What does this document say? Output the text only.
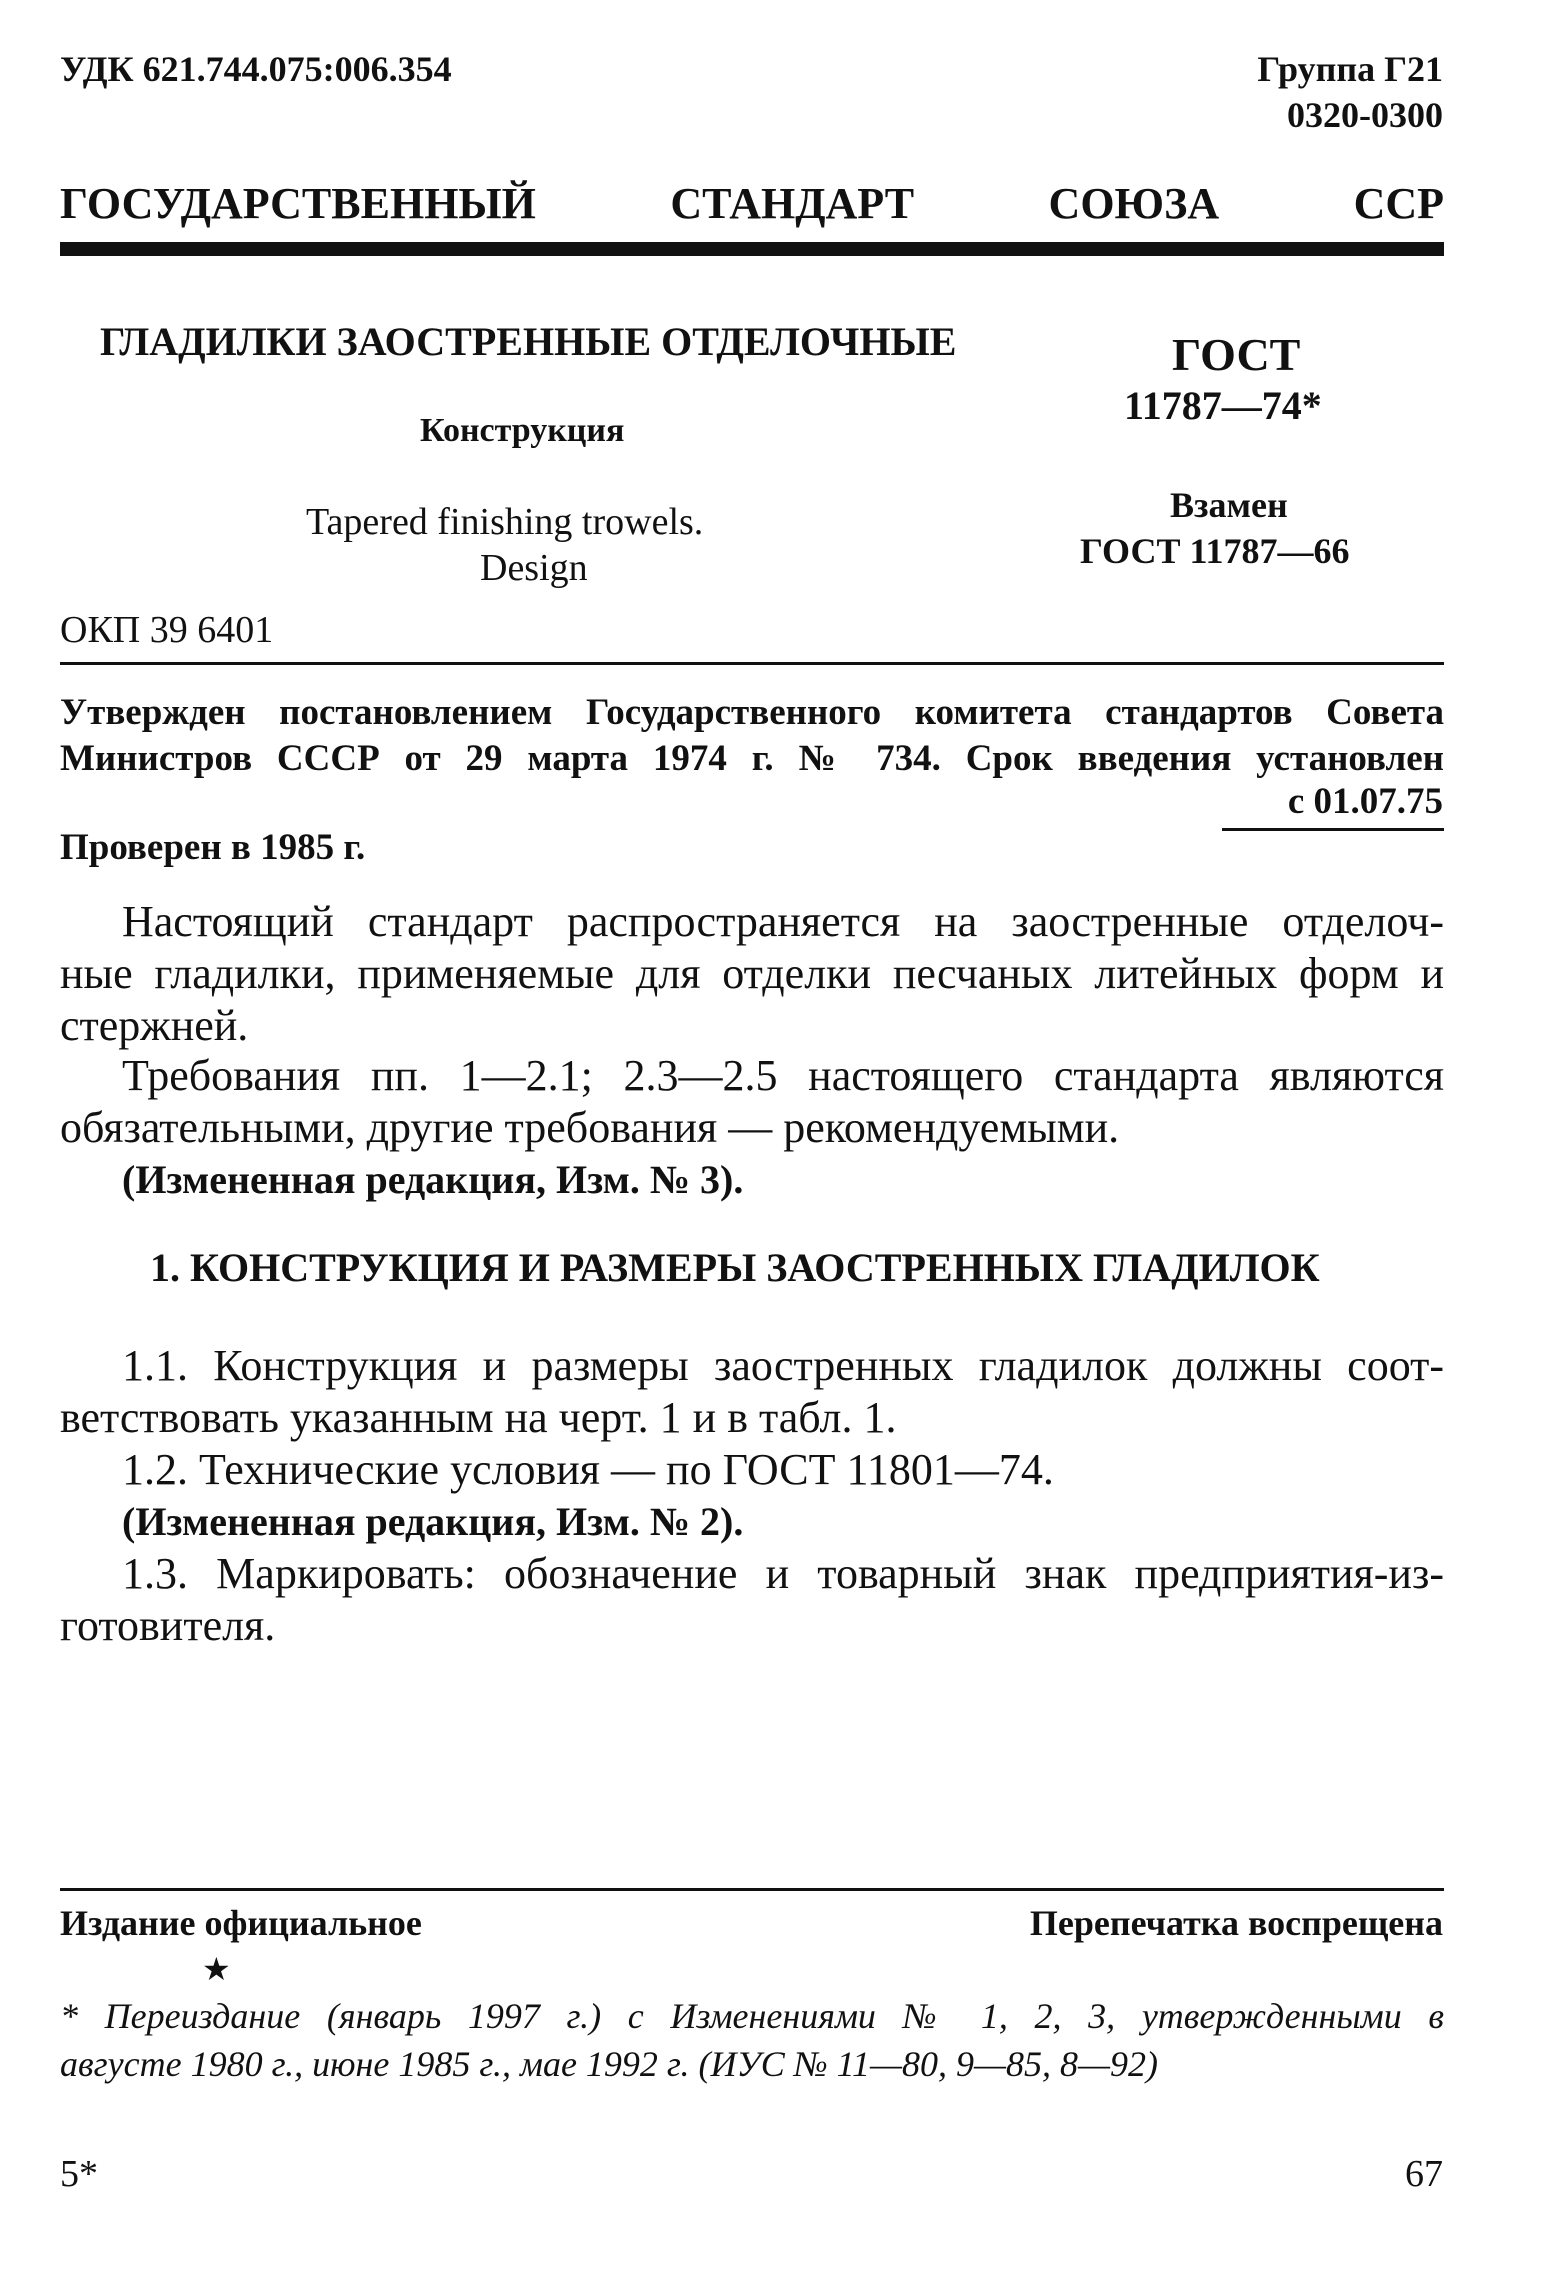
УДК 621.744.075:006.354	Группа Г21

0320-0300

ГОСУДАРСТВЕННЫЙ СТАНДАРТ СОЮЗА ССР

ГЛАДИЛКИ ЗАОСТРЕННЫЕ ОТДЕЛОЧНЫЕ

Конструкция

Tapered finishing trowels.

Design

ОКП 39 6401

ГОСТ

11787—74*

Взамен

ГОСТ 11787—66

Утвержден постановлением Государственного комитета стандартов Совета
Министров СССР от 29 марта 1974 г. № 734. Срок введения установлен

с 01.07.75

Проверен в 1985 г.

Настоящий стандарт распространяется на заостренные отделоч-
ные гладилки, применяемые для отделки песчаных литейных форм и
стержней.
Требования пп. 1—2.1; 2.3—2.5 настоящего стандарта являются
обязательными, другие требования — рекомендуемыми.
(Измененная редакция, Изм. № 3).

1. КОНСТРУКЦИЯ И РАЗМЕРЫ ЗАОСТРЕННЫХ ГЛАДИЛОК

1.1. Конструкция и размеры заостренных гладилок должны соот-
ветствовать указанным на черт. 1 и в табл. 1.
1.2. Технические условия — по ГОСТ 11801—74.
(Измененная редакция, Изм. № 2).
1.3. Маркировать: обозначение и товарный знак предприятия-из-
готовителя.

Издание официальное	Перепечатка воспрещена

★

* Переиздание (январь 1997 г.) с Изменениями № 1, 2, 3, утвержденными в
августе 1980 г., июне 1985 г., мае 1992 г. (ИУС № 11—80, 9—85, 8—92)

5*	67
